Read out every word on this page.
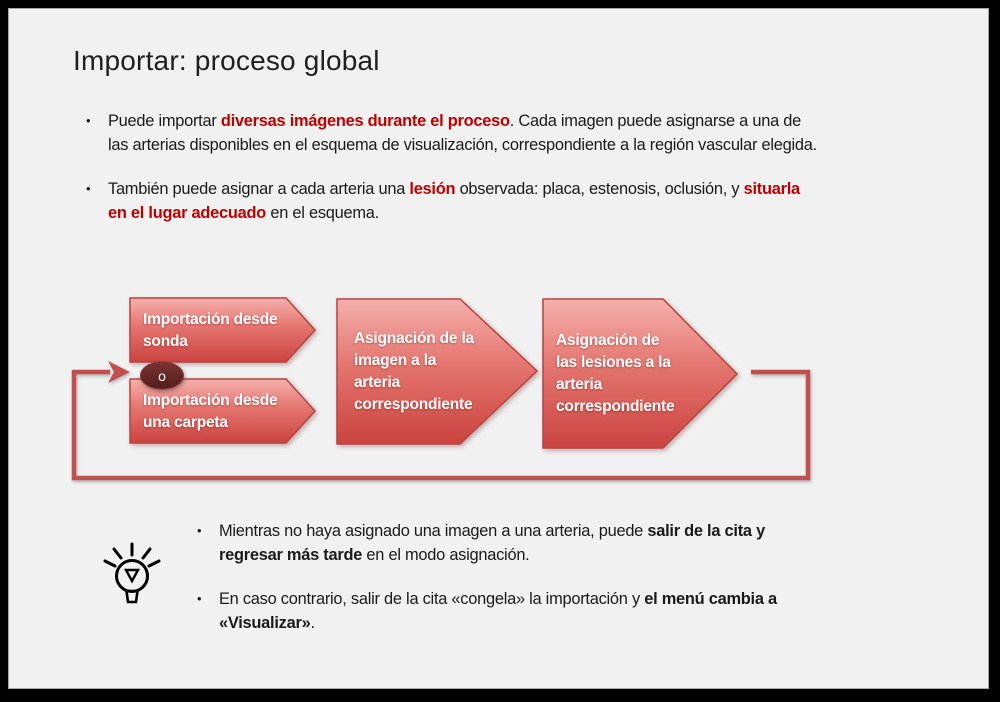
Importar: proceso global
•	Puede importar diversas imágenes durante el proceso. Cada imagen puede asignarse a una de las arterias disponibles en el esquema de visualización, correspondiente a la región vascular elegida.

•	También puede asignar a cada arteria una lesión observada: placa, estenosis, oclusión, y situarla en el lugar adecuado en el esquema.

Importación desde sonda
Importación desde una carpeta
Asignación de la imagen a la arteria correspondiente
Asignación de las lesiones a la arteria correspondiente
o
•	Mientras no haya asignado una imagen a una arteria, puede salir de la cita y regresar más tarde en el modo asignación.

•	En caso contrario, salir de la cita «congela» la importación y el menú cambia a «Visualizar».
